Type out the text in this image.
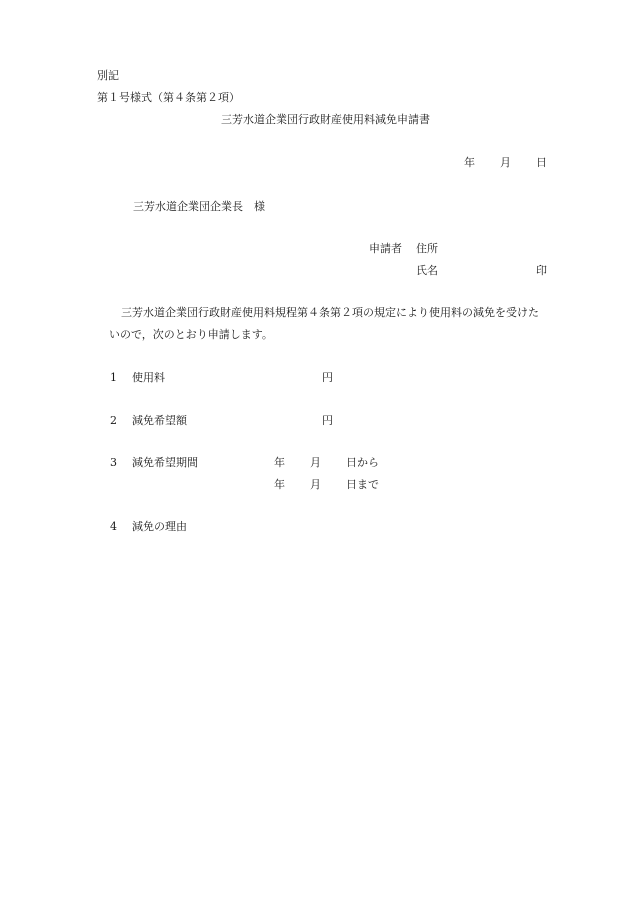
別記
第１号様式（第４条第２項）
三芳水道企業団行政財産使用料減免申請書
年 月 日
三芳水道企業団企業長　様
申請者 住所
氏名	印
三芳水道企業団行政財産使用料規程第４条第２項の規定により使用料の減免を受けた
いので，次のとおり申請します。
1 使用料	円
2 減免希望額	円
3 減免希望期間	年 月 日から
年 月 日まで
4 減免の理由
